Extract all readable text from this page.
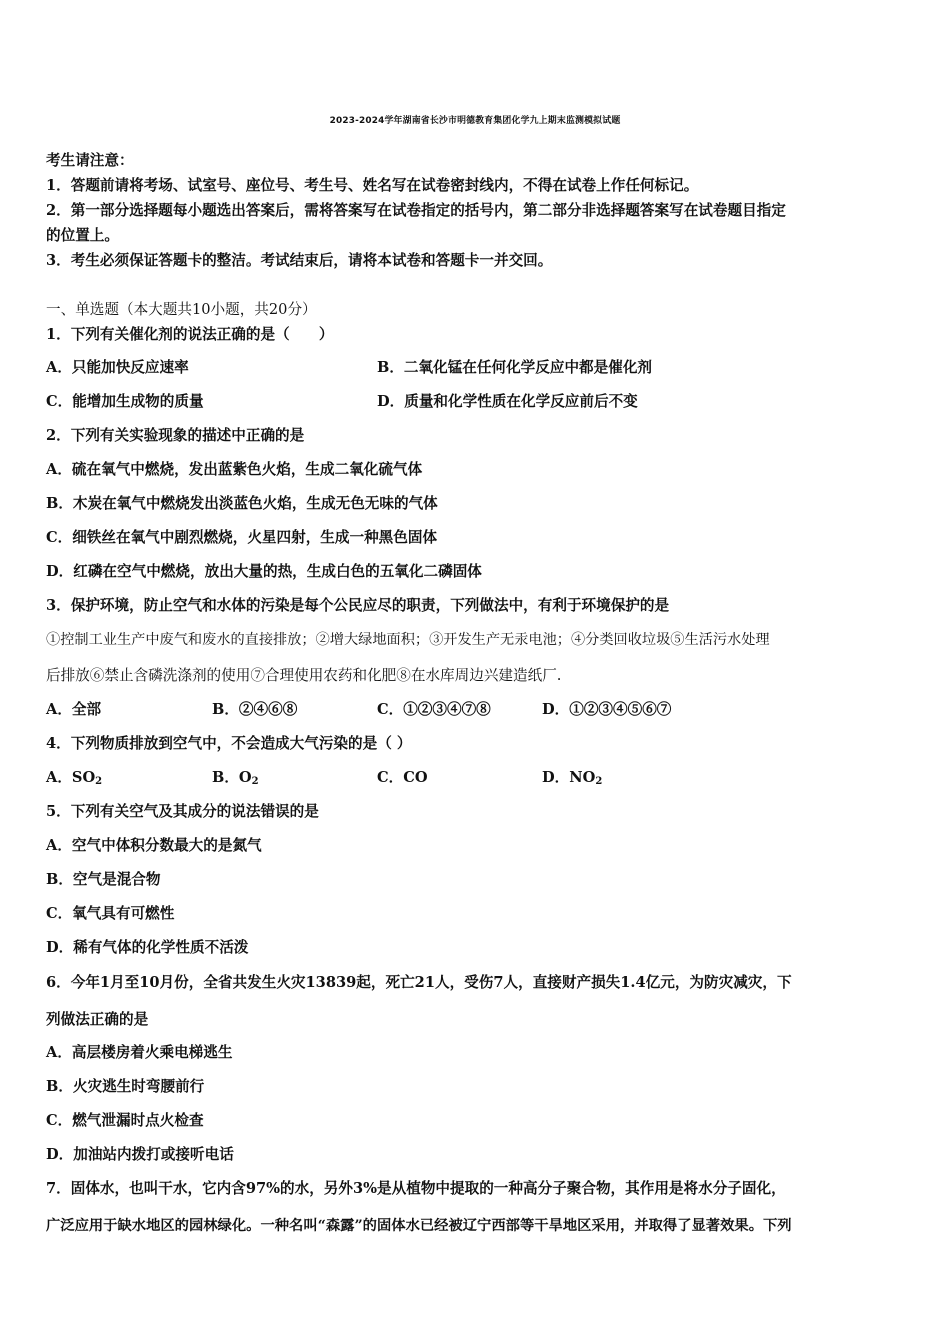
2023-2024学年湖南省长沙市明德教育集团化学九上期末监测模拟试题
考生请注意：
1．答题前请将考场、试室号、座位号、考生号、姓名写在试卷密封线内，不得在试卷上作任何标记。
2．第一部分选择题每小题选出答案后，需将答案写在试卷指定的括号内，第二部分非选择题答案写在试卷题目指定
的位置上。
3．考生必须保证答题卡的整洁。考试结束后，请将本试卷和答题卡一并交回。
一、单选题（本大题共10小题，共20分）
1．下列有关催化剂的说法正确的是（　　）
A．只能加快反应速率	B．二氧化锰在任何化学反应中都是催化剂
C．能增加生成物的质量	D．质量和化学性质在化学反应前后不变
2．下列有关实验现象的描述中正确的是
A．硫在氧气中燃烧，发出蓝紫色火焰，生成二氧化硫气体
B．木炭在氧气中燃烧发出淡蓝色火焰，生成无色无味的气体
C．细铁丝在氧气中剧烈燃烧，火星四射，生成一种黑色固体
D．红磷在空气中燃烧，放出大量的热，生成白色的五氧化二磷固体
3．保护环境，防止空气和水体的污染是每个公民应尽的职责，下列做法中，有利于环境保护的是
①控制工业生产中废气和废水的直接排放；②增大绿地面积；③开发生产无汞电池；④分类回收垃圾⑤生活污水处理
后排放⑥禁止含磷洗涤剂的使用⑦合理使用农药和化肥⑧在水库周边兴建造纸厂.
A．全部	B．②④⑥⑧	C．①②③④⑦⑧	D．①②③④⑤⑥⑦
4．下列物质排放到空气中，不会造成大气污染的是（ ）
A．$SO_2$	B．$O_2$	C．CO	D．$NO_2$
5．下列有关空气及其成分的说法错误的是
A．空气中体积分数最大的是氮气
B．空气是混合物
C．氧气具有可燃性
D．稀有气体的化学性质不活泼
6．今年1月至10月份，全省共发生火灾13839起，死亡21人，受伤7人，直接财产损失1.4亿元，为防灾减灾，下
列做法正确的是
A．高层楼房着火乘电梯逃生
B．火灾逃生时弯腰前行
C．燃气泄漏时点火检查
D．加油站内拨打或接听电话
7．固体水，也叫干水，它内含97%的水，另外3%是从植物中提取的一种高分子聚合物，其作用是将水分子固化，
广泛应用于缺水地区的园林绿化。一种名叫“森露”的固体水已经被辽宁西部等干旱地区采用，并取得了显著效果。下列
